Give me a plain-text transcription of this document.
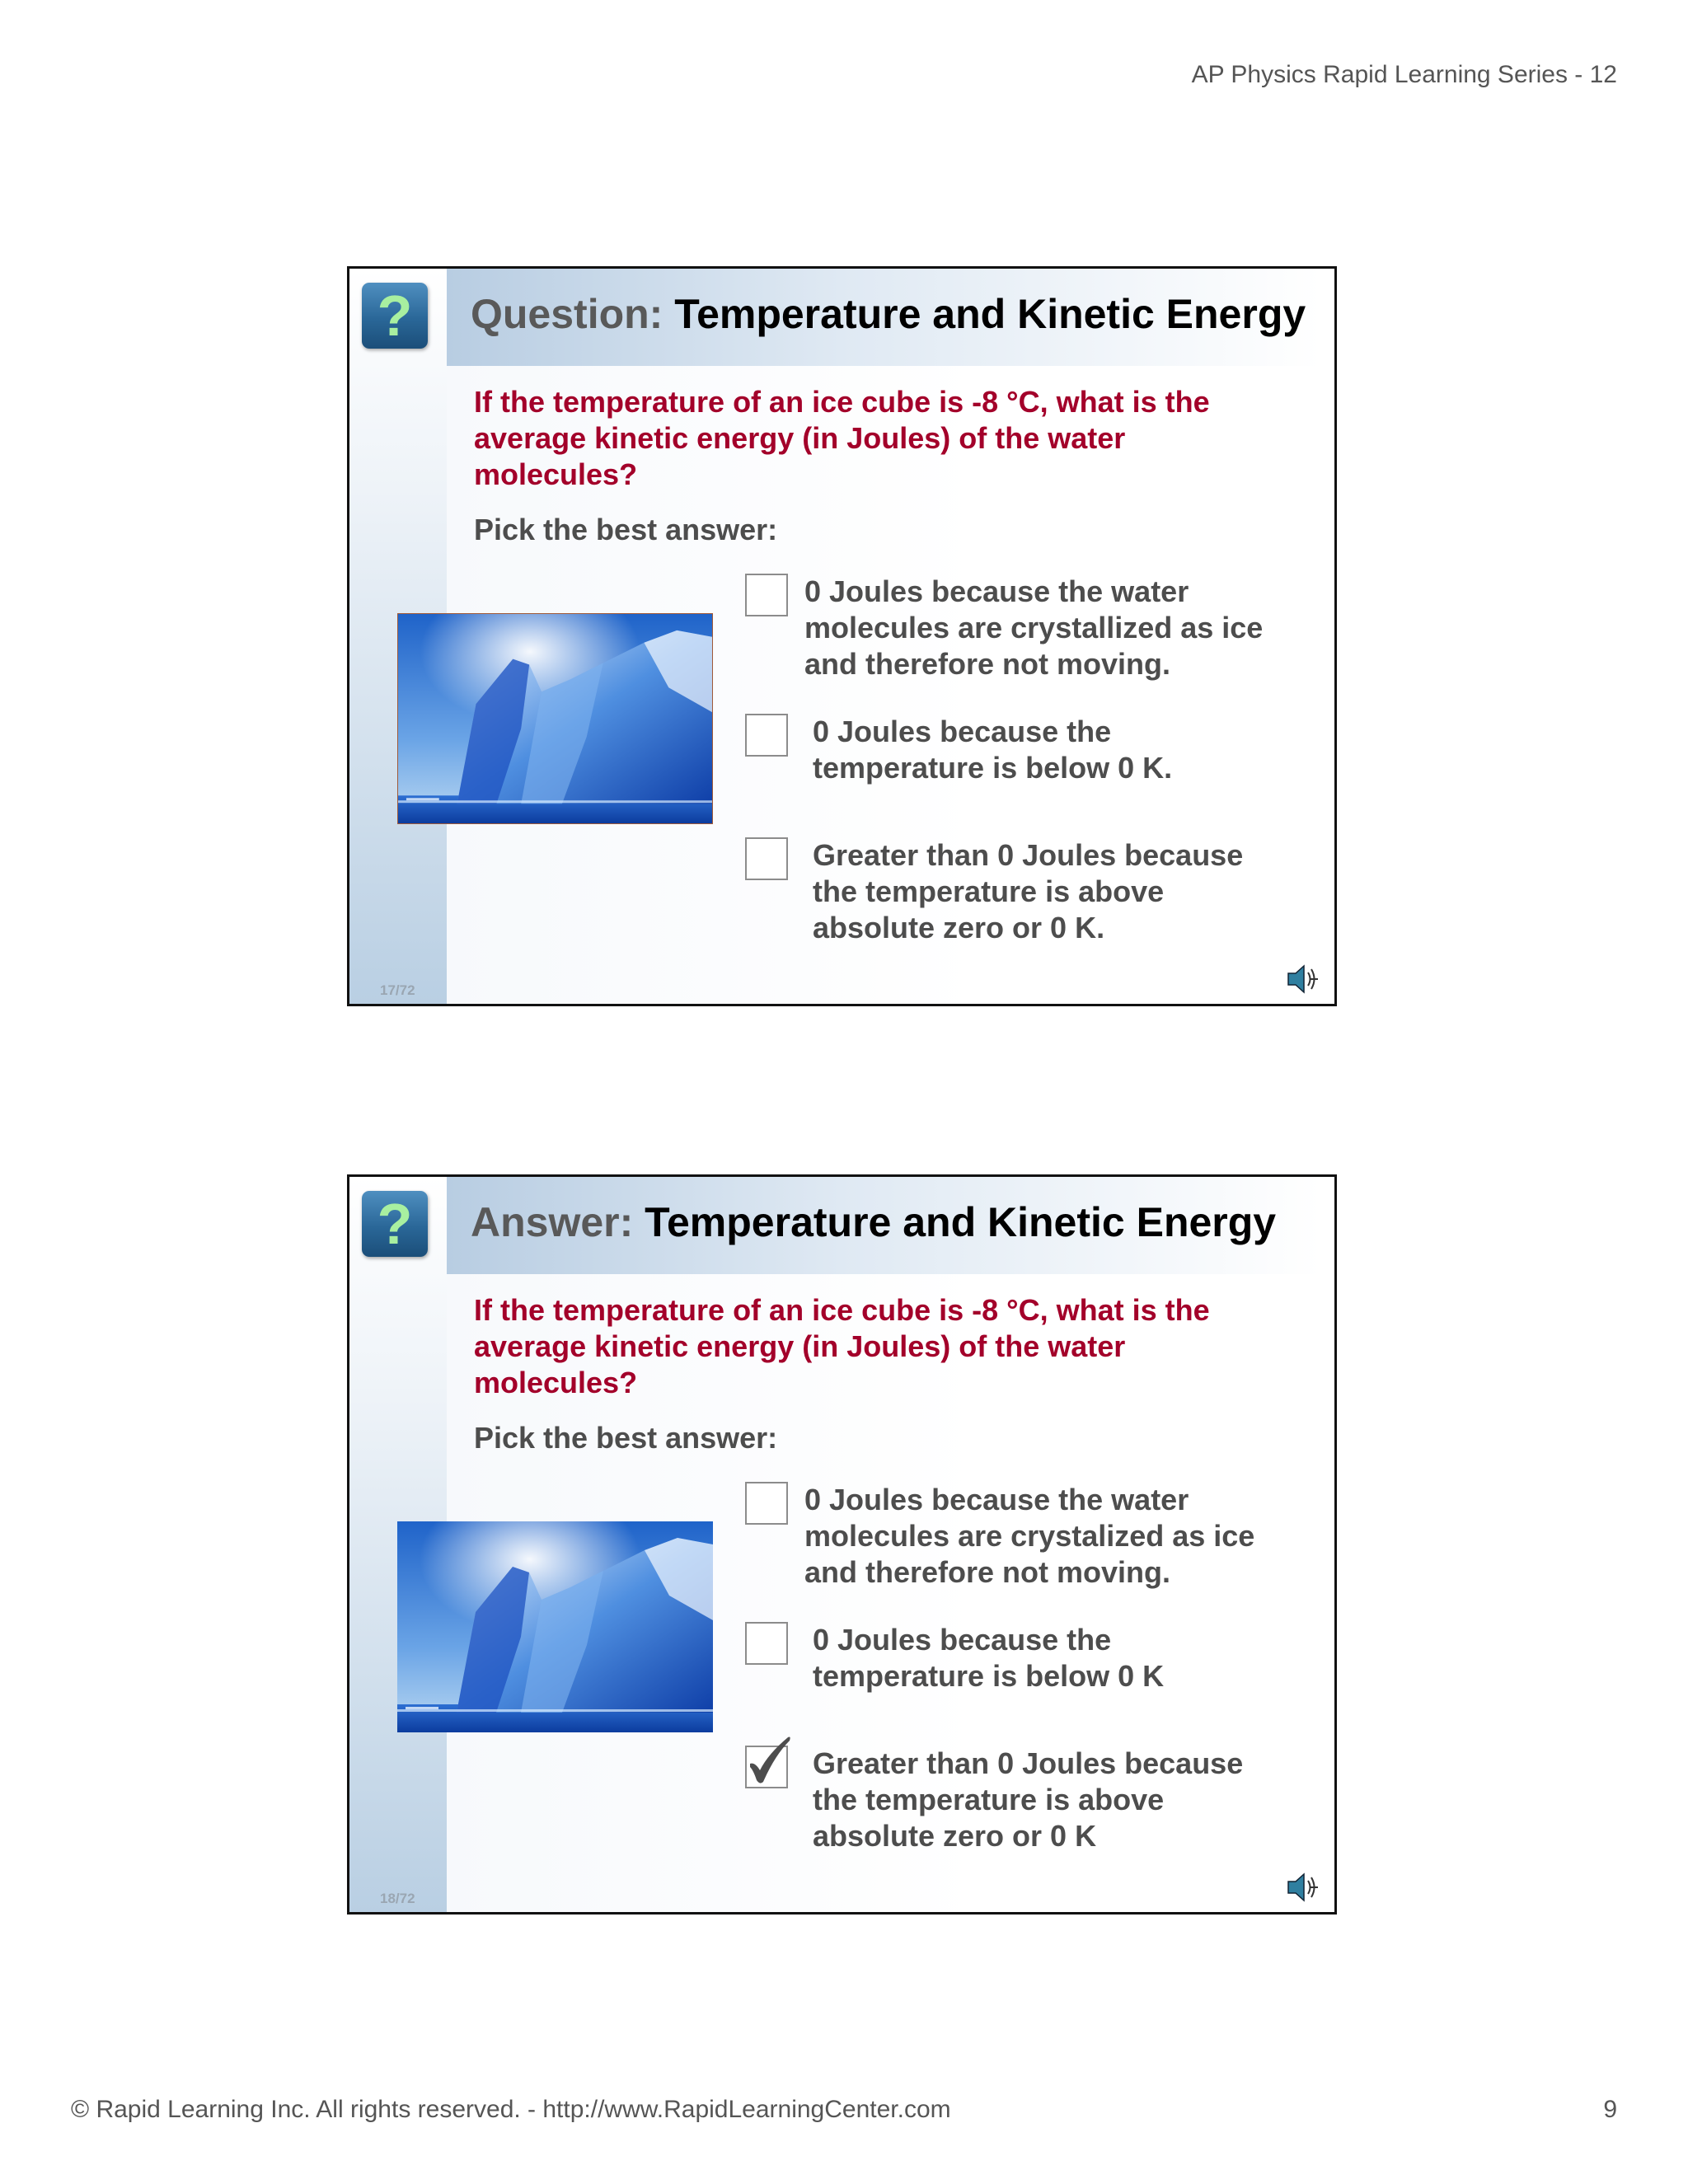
AP Physics Rapid Learning Series - 12
?	Question: Temperature and Kinetic Energy
If the temperature of an ice cube is -8 °C, what is the average kinetic energy (in Joules) of the water molecules?
Pick the best answer:
0 Joules because the water molecules are crystallized as ice and therefore not moving.
0 Joules because the temperature is below 0 K.
Greater than 0 Joules because the temperature is above absolute zero or 0 K.
17/72
?	Answer: Temperature and Kinetic Energy
If the temperature of an ice cube is -8 °C, what is the average kinetic energy (in Joules) of the water molecules?
Pick the best answer:
0 Joules because the water molecules are crystalized as ice and therefore not moving.
0 Joules because the temperature is below 0 K
Greater than 0 Joules because the temperature is above absolute zero or 0 K
18/72
© Rapid Learning Inc. All rights reserved. - http://www.RapidLearningCenter.com	9
